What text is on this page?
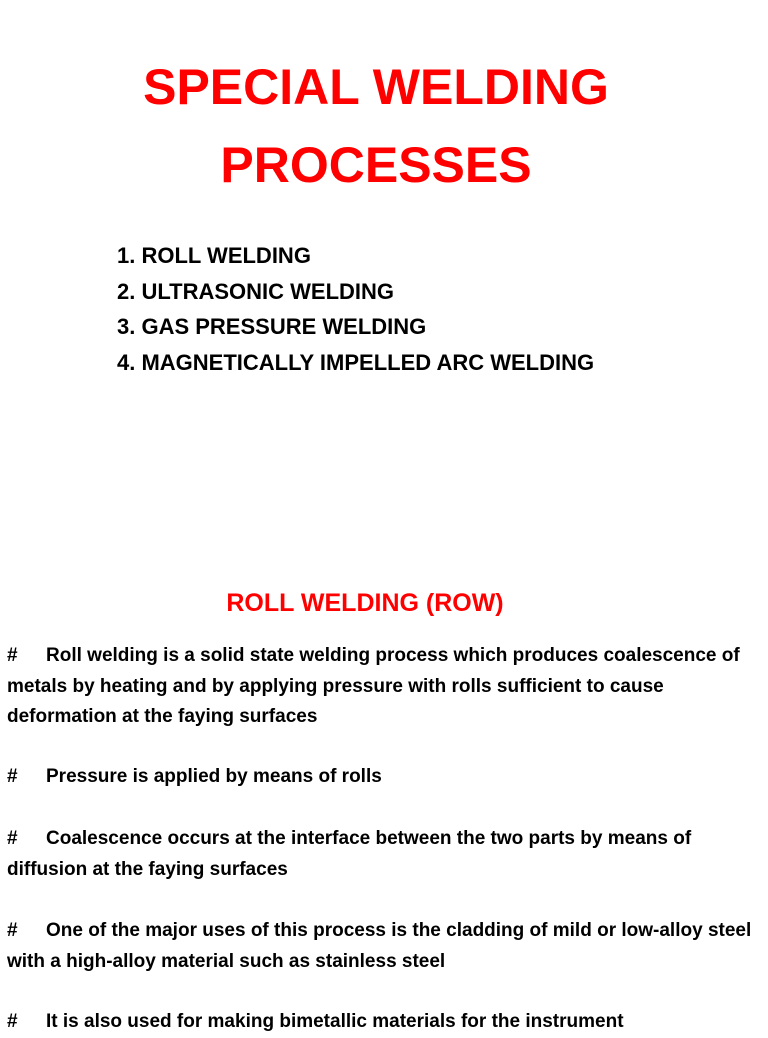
SPECIAL WELDING
PROCESSES
1. ROLL WELDING
2. ULTRASONIC WELDING
3. GAS PRESSURE WELDING
4. MAGNETICALLY IMPELLED ARC WELDING
ROLL WELDING (ROW)

# Roll welding is a solid state welding process which produces coalescence of metals by heating and by applying pressure with rolls sufficient to cause deformation at the faying surfaces

# Pressure is applied by means of rolls

# Coalescence occurs at the interface between the two parts by means of diffusion at the faying surfaces

# One of the major uses of this process is the cladding of mild or low-alloy steel with a high-alloy material such as stainless steel

# It is also used for making bimetallic materials for the instrument
